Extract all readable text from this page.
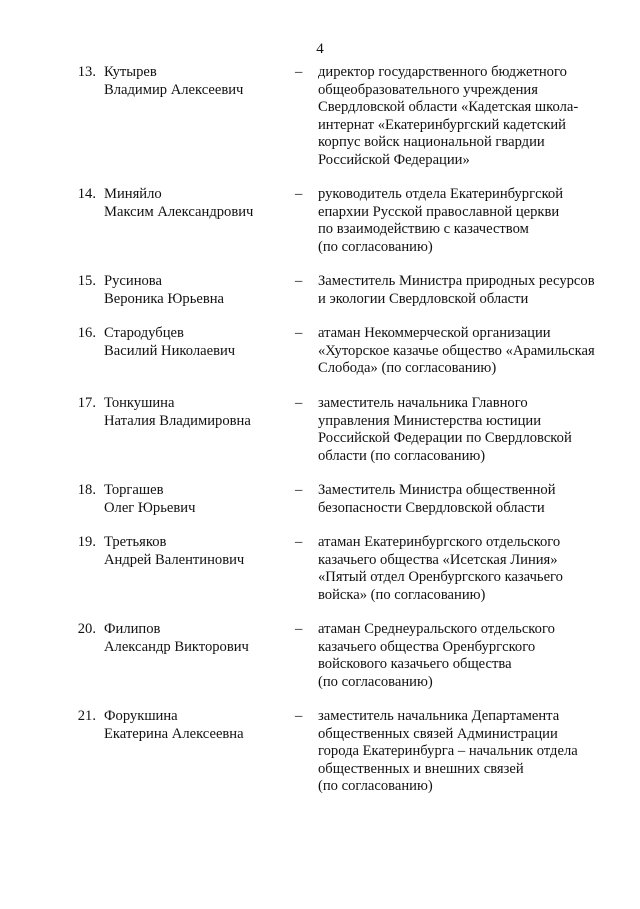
4
13. Кутырев
Владимир Алексеевич
– директор государственного бюджетного
общеобразовательного учреждения
Свердловской области «Кадетская школа-
интернат «Екатеринбургский кадетский
корпус войск национальной гвардии
Российской Федерации»
14. Миняйло
Максим Александрович
– руководитель отдела Екатеринбургской
епархии Русской православной церкви
по взаимодействию с казачеством
(по согласованию)
15. Русинова
Вероника Юрьевна
– Заместитель Министра природных ресурсов
и экологии Свердловской области
16. Стародубцев
Василий Николаевич
– атаман Некоммерческой организации
«Хуторское казачье общество «Арамильская
Слобода» (по согласованию)
17. Тонкушина
Наталия Владимировна
– заместитель начальника Главного
управления Министерства юстиции
Российской Федерации по Свердловской
области (по согласованию)
18. Торгашев
Олег Юрьевич
– Заместитель Министра общественной
безопасности Свердловской области
19. Третьяков
Андрей Валентинович
– атаман Екатеринбургского отдельского
казачьего общества «Исетская Линия»
«Пятый отдел Оренбургского казачьего
войска» (по согласованию)
20. Филипов
Александр Викторович
– атаман Среднеуральского отдельского
казачьего общества Оренбургского
войскового казачьего общества
(по согласованию)
21. Форукшина
Екатерина Алексеевна
– заместитель начальника Департамента
общественных связей Администрации
города Екатеринбурга – начальник отдела
общественных и внешних связей
(по согласованию)
